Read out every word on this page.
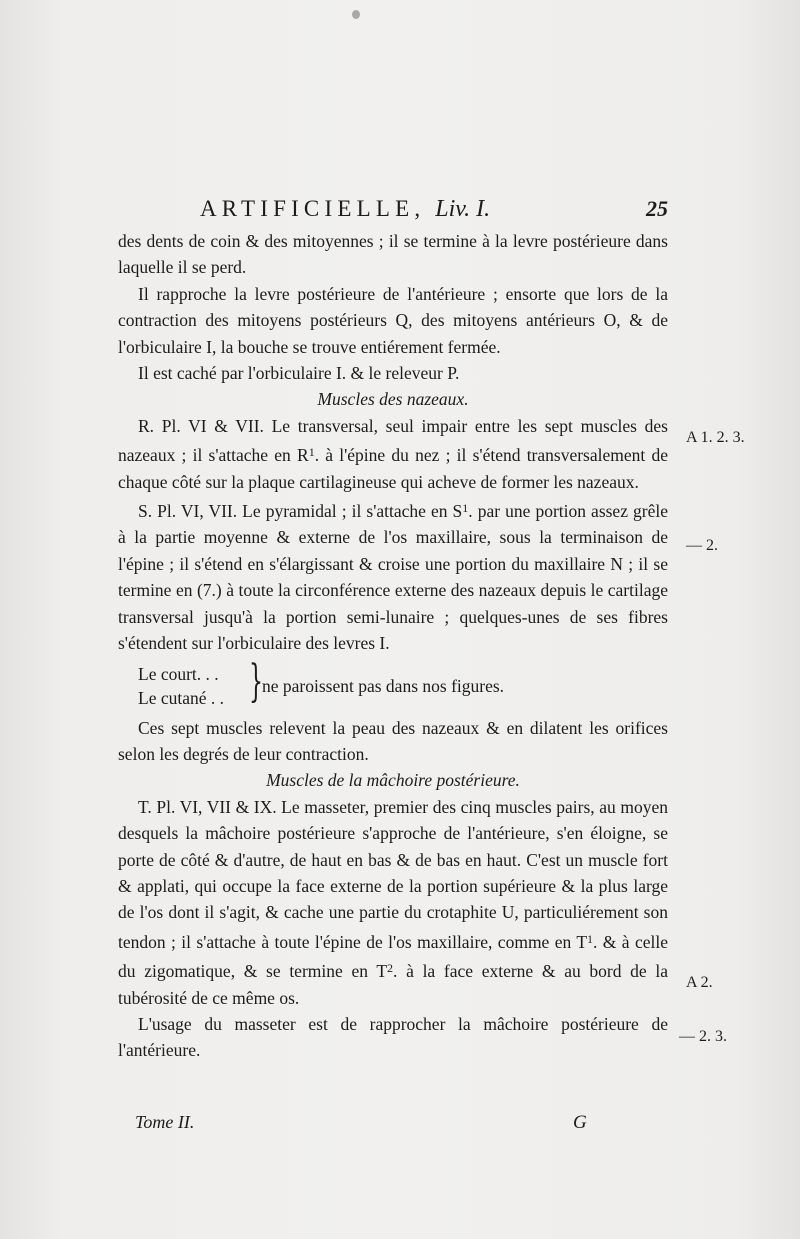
ARTIFICIELLE, Liv. I.	25

des dents de coin & des mitoyennes ; il se termine à la levre postérieure dans laquelle il se perd.

Il rapproche la levre postérieure de l'antérieure ; ensorte que lors de la contraction des mitoyens postérieurs Q, des mitoyens antérieurs O, & de l'orbiculaire I, la bouche se trouve entiérement fermée.

Il est caché par l'orbiculaire I. & le releveur P.

Muscles des nazeaux.

R. Pl. VI & VII. Le transversal, seul impair entre les sept muscles des nazeaux ; il s'attache en $R^1$. à l'épine du nez ; il s'étend transversalement de chaque côté sur la plaque cartilagineuse qui acheve de former les nazeaux.

S. Pl. VI, VII. Le pyramidal ; il s'attache en $S^1$. par une portion assez grêle à la partie moyenne & externe de l'os maxillaire, sous la terminaison de l'épine ; il s'étend en s'élargissant & croise une portion du maxillaire N ; il se termine en (7.) à toute la circonférence externe des nazeaux depuis le cartilage transversal jusqu'à la portion semi-lunaire ; quelques-unes de ses fibres s'étendent sur l'orbiculaire des levres I.

Le court. . .
Le cutané . . } ne paroissent pas dans nos figures.

Ces sept muscles relevent la peau des nazeaux & en dilatent les orifices selon les degrés de leur contraction.

Muscles de la mâchoire postérieure.

T. Pl. VI, VII & IX. Le masseter, premier des cinq muscles pairs, au moyen desquels la mâchoire postérieure s'approche de l'antérieure, s'en éloigne, se porte de côté & d'autre, de haut en bas & de bas en haut. C'est un muscle fort & applati, qui occupe la face externe de la portion supérieure & la plus large de l'os dont il s'agit, & cache une partie du crotaphite U, particuliérement son tendon ; il s'attache à toute l'épine de l'os maxillaire, comme en $T^1$. & à celle du zigomatique, & se termine en $T^2$. à la face externe & au bord de la tubérosité de ce même os.

L'usage du masseter est de rapprocher la mâchoire postérieure de l'antérieure.

A 1. 2. 3.
— 2.
A 2.
— 2. 3.
Tome II.	G
